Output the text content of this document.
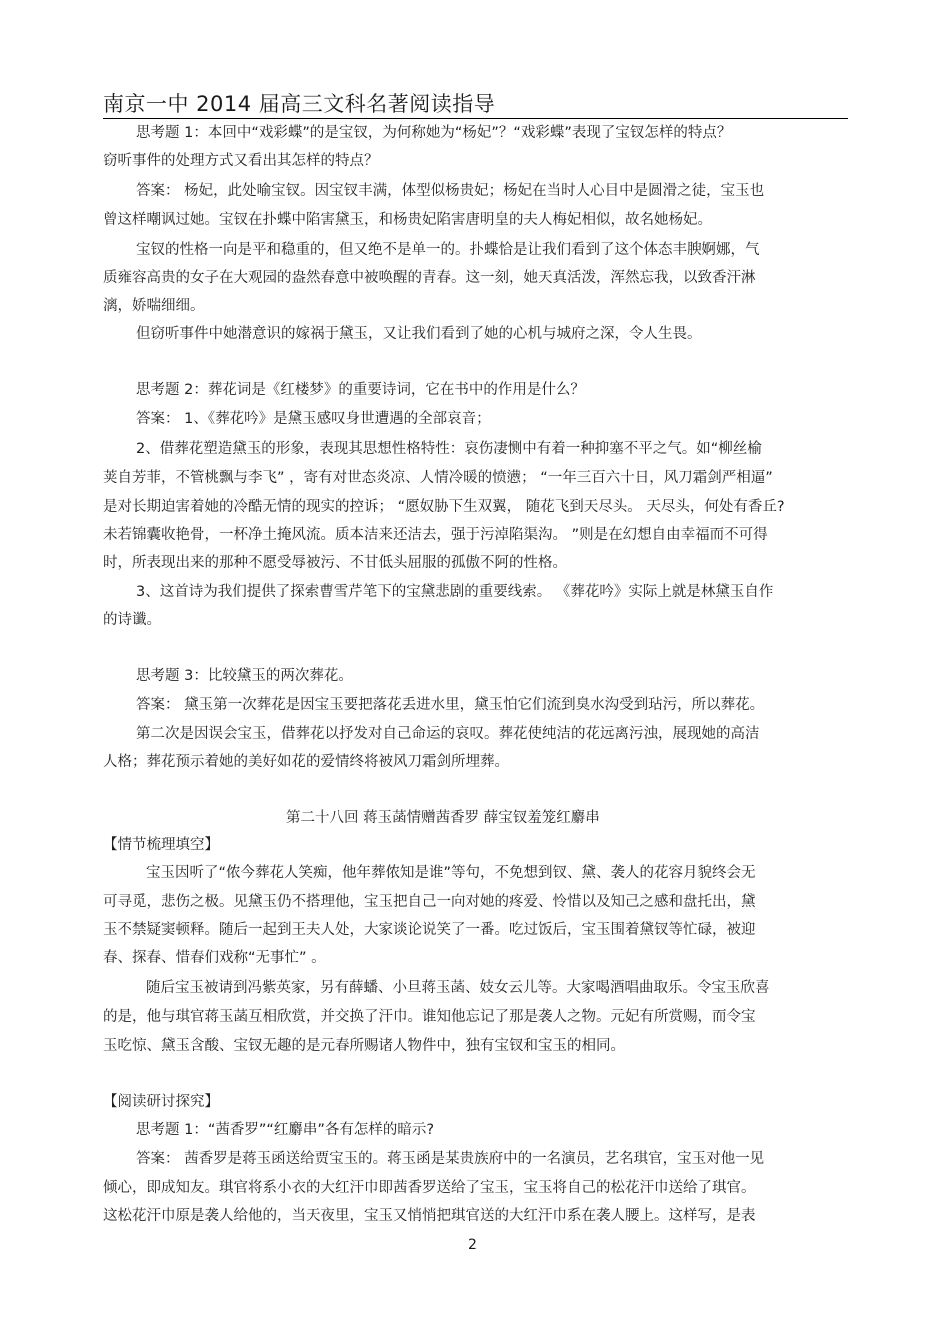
南京一中 2014 届高三文科名著阅读指导
思考题 1：本回中“戏彩蝶”的是宝钗，为何称她为“杨妃”？“戏彩蝶”表现了宝钗怎样的特点？
窃听事件的处理方式又看出其怎样的特点？
答案： 杨妃，此处喻宝钗。因宝钗丰满，体型似杨贵妃；杨妃在当时人心目中是圆滑之徒，宝玉也
曾这样嘲讽过她。宝钗在扑蝶中陷害黛玉，和杨贵妃陷害唐明皇的夫人梅妃相似，故名她杨妃。
宝钗的性格一向是平和稳重的，但又绝不是单一的。扑蝶恰是让我们看到了这个体态丰腴婀娜，气
质雍容高贵的女子在大观园的盎然春意中被唤醒的青春。这一刻，她天真活泼，浑然忘我，以致香汗淋
漓，娇喘细细。
但窃听事件中她潜意识的嫁祸于黛玉，又让我们看到了她的心机与城府之深，令人生畏。
思考题 2：葬花词是《红楼梦》的重要诗词，它在书中的作用是什么？
答案： 1、《葬花吟》是黛玉感叹身世遭遇的全部哀音；
2、借葬花塑造黛玉的形象，表现其思想性格特性：哀伤凄恻中有着一种抑塞不平之气。如“柳丝榆
荚自芳菲，不管桃飘与李飞” ，寄有对世态炎凉、人情冷暖的愤懑； “一年三百六十日，风刀霜剑严相逼”
是对长期迫害着她的冷酷无情的现实的控诉； “愿奴胁下生双翼， 随花飞到天尽头。 天尽头，何处有香丘?
未若锦囊收艳骨，一杯净土掩风流。质本洁来还洁去，强于污淖陷渠沟。 ”则是在幻想自由幸福而不可得
时，所表现出来的那种不愿受辱被污、不甘低头屈服的孤傲不阿的性格。
3、这首诗为我们提供了探索曹雪芹笔下的宝黛悲剧的重要线索。 《葬花吟》实际上就是林黛玉自作
的诗谶。
思考题 3：比较黛玉的两次葬花。
答案： 黛玉第一次葬花是因宝玉要把落花丢进水里，黛玉怕它们流到臭水沟受到玷污，所以葬花。
第二次是因误会宝玉，借葬花以抒发对自己命运的哀叹。葬花使纯洁的花远离污浊，展现她的高洁
人格；葬花预示着她的美好如花的爱情终将被风刀霜剑所埋葬。
第二十八回 蒋玉菡情赠茜香罗 薛宝钗羞笼红麝串
【情节梳理填空】
宝玉因听了“侬今葬花人笑痴，他年葬侬知是谁”等句，不免想到钗、黛、袭人的花容月貌终会无
可寻觅，悲伤之极。见黛玉仍不搭理他，宝玉把自己一向对她的疼爱、怜惜以及知己之感和盘托出，黛
玉不禁疑窦顿释。随后一起到王夫人处，大家谈论说笑了一番。吃过饭后，宝玉围着黛钗等忙碌，被迎
春、探春、惜春们戏称“无事忙” 。
随后宝玉被请到冯紫英家，另有薛蟠、小旦蒋玉菡、妓女云儿等。大家喝酒唱曲取乐。令宝玉欣喜
的是，他与琪官蒋玉菡互相欣赏，并交换了汗巾。谁知他忘记了那是袭人之物。元妃有所赏赐，而令宝
玉吃惊、黛玉含酸、宝钗无趣的是元春所赐诸人物件中，独有宝钗和宝玉的相同。
【阅读研讨探究】
思考题 1：“茜香罗”“红麝串”各有怎样的暗示?
答案： 茜香罗是蒋玉函送给贾宝玉的。蒋玉函是某贵族府中的一名演员，艺名琪官，宝玉对他一见
倾心，即成知友。琪官将系小衣的大红汗巾即茜香罗送给了宝玉，宝玉将自己的松花汗巾送给了琪官。
这松花汗巾原是袭人给他的，当天夜里，宝玉又悄悄把琪官送的大红汗巾系在袭人腰上。这样写，是表
2
